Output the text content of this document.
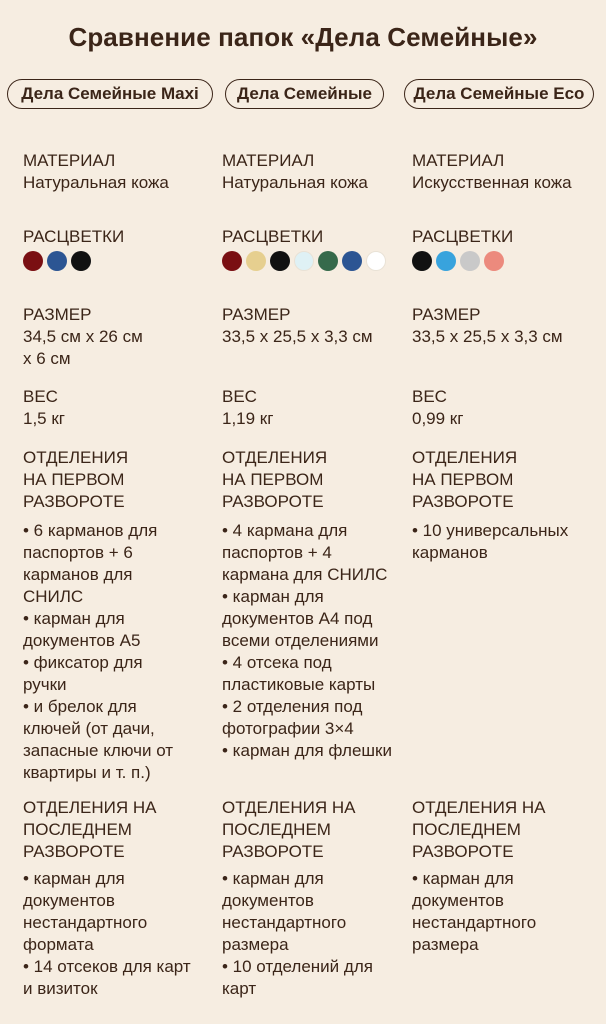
Сравнение папок «Дела Семейные»
Дела Семейные Maxi	Дела Семейные	Дела Семейные Eco
МАТЕРИАЛ
Натуральная кожа
РАСЦВЕТКИ
РАЗМЕР
34,5 см x 26 см
x 6 см
ВЕС
1,5 кг
ОТДЕЛЕНИЯ
НА ПЕРВОМ
РАЗВОРОТЕ
• 6 карманов для
паспортов + 6
карманов для
СНИЛС
• карман для
документов А5
• фиксатор для
ручки
• и брелок для
ключей (от дачи,
запасные ключи от
квартиры и т. п.)
ОТДЕЛЕНИЯ НА
ПОСЛЕДНЕМ
РАЗВОРОТЕ
• карман для
документов
нестандартного
формата
• 14 отсеков для карт
и визиток
МАТЕРИАЛ
Натуральная кожа
РАСЦВЕТКИ
РАЗМЕР
33,5 х 25,5 х 3,3 см
ВЕС
1,19 кг
ОТДЕЛЕНИЯ
НА ПЕРВОМ
РАЗВОРОТЕ
• 4 кармана для
паспортов + 4
кармана для СНИЛС
• карман для
документов А4 под
всеми отделениями
• 4 отсека под
пластиковые карты
• 2 отделения под
фотографии 3×4
• карман для флешки
ОТДЕЛЕНИЯ НА
ПОСЛЕДНЕМ
РАЗВОРОТЕ
• карман для
документов
нестандартного
размера
• 10 отделений для
карт
МАТЕРИАЛ
Искусственная кожа
РАСЦВЕТКИ
РАЗМЕР
33,5 х 25,5 х 3,3 см
ВЕС
0,99 кг
ОТДЕЛЕНИЯ
НА ПЕРВОМ
РАЗВОРОТЕ
• 10 универсальных
карманов
ОТДЕЛЕНИЯ НА
ПОСЛЕДНЕМ
РАЗВОРОТЕ
• карман для
документов
нестандартного
размера
